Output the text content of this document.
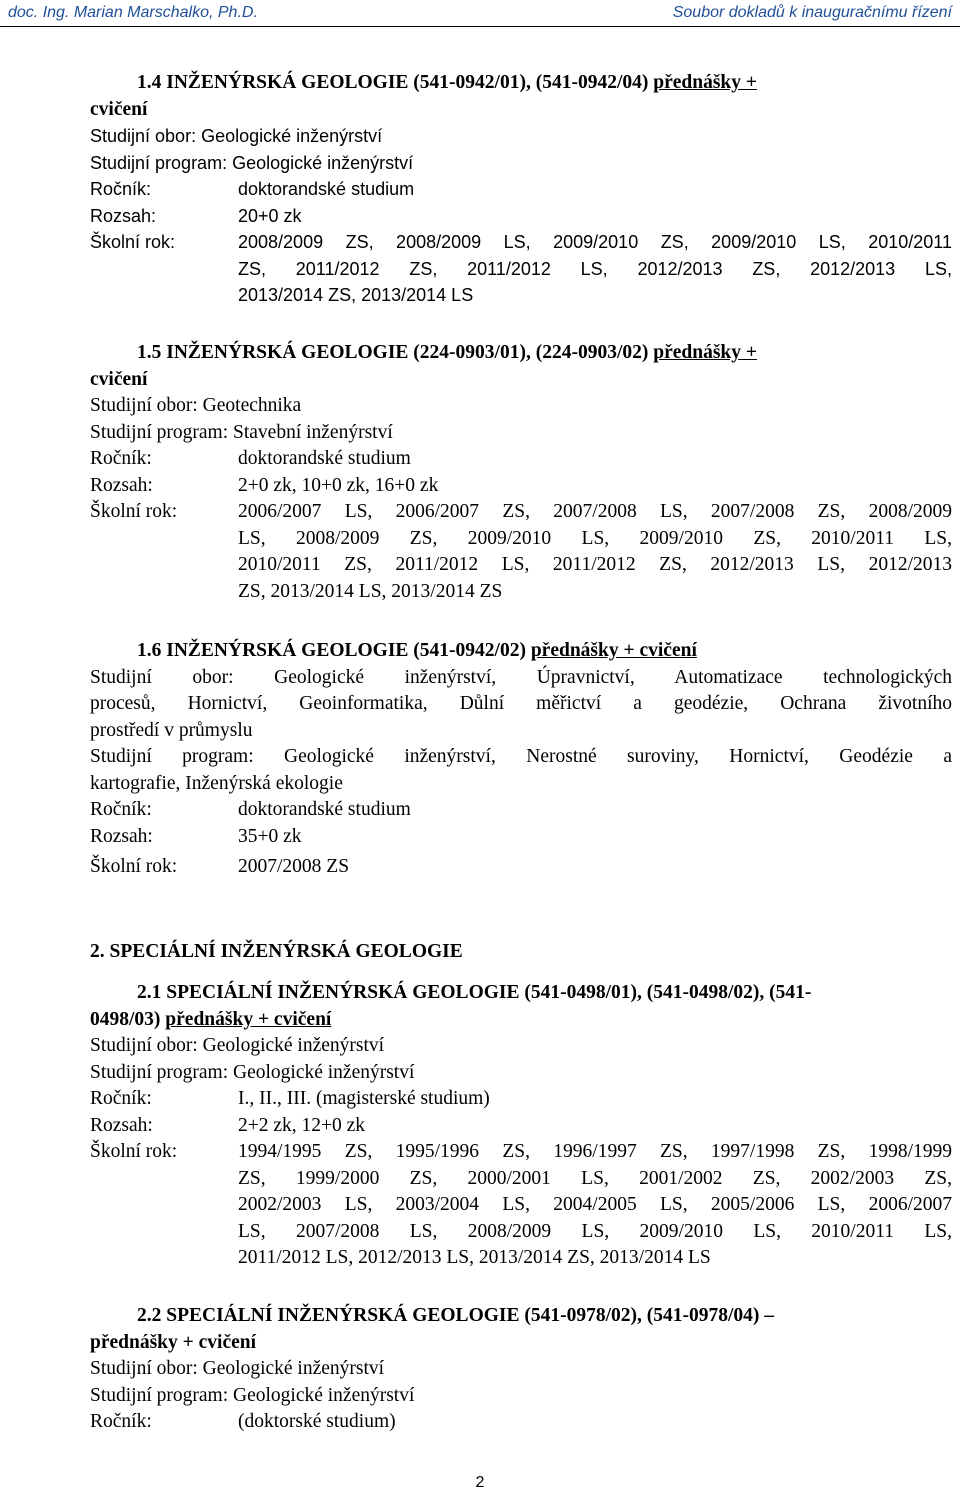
doc. Ing. Marian Marschalko, Ph.D.	Soubor dokladů k inauguračnímu řízení
1.4 INŽENÝRSKÁ GEOLOGIE (541-0942/01), (541-0942/04) přednášky +
cvičení
Studijní obor: Geologické inženýrství
Studijní program: Geologické inženýrství
Ročník:	doktorandské studium
Rozsah:	20+0 zk
Školní rok:	2008/2009 ZS, 2008/2009 LS, 2009/2010 ZS, 2009/2010 LS, 2010/2011
ZS, 2011/2012 ZS, 2011/2012 LS, 2012/2013 ZS, 2012/2013 LS,
2013/2014 ZS, 2013/2014 LS
1.5 INŽENÝRSKÁ GEOLOGIE (224-0903/01), (224-0903/02) přednášky +
cvičení
Studijní obor: Geotechnika
Studijní program: Stavební inženýrství
Ročník:	doktorandské studium
Rozsah:	2+0 zk, 10+0 zk, 16+0 zk
Školní rok:	2006/2007 LS, 2006/2007 ZS, 2007/2008 LS, 2007/2008 ZS, 2008/2009
LS, 2008/2009 ZS, 2009/2010 LS, 2009/2010 ZS, 2010/2011 LS,
2010/2011 ZS, 2011/2012 LS, 2011/2012 ZS, 2012/2013 LS, 2012/2013
ZS, 2013/2014 LS, 2013/2014 ZS
1.6 INŽENÝRSKÁ GEOLOGIE (541-0942/02) přednášky + cvičení
Studijní obor: Geologické inženýrství, Úpravnictví, Automatizace technologických
procesů, Hornictví, Geoinformatika, Důlní měřictví a geodézie, Ochrana životního
prostředí v průmyslu
Studijní program: Geologické inženýrství, Nerostné suroviny, Hornictví, Geodézie a
kartografie, Inženýrská ekologie
Ročník:	doktorandské studium
Rozsah:	35+0 zk
Školní rok:	2007/2008 ZS
2. SPECIÁLNÍ INŽENÝRSKÁ GEOLOGIE
2.1 SPECIÁLNÍ INŽENÝRSKÁ GEOLOGIE (541-0498/01), (541-0498/02), (541-
0498/03) přednášky + cvičení
Studijní obor: Geologické inženýrství
Studijní program: Geologické inženýrství
Ročník:	I., II., III. (magisterské studium)
Rozsah:	2+2 zk, 12+0 zk
Školní rok:	1994/1995 ZS, 1995/1996 ZS, 1996/1997 ZS, 1997/1998 ZS, 1998/1999
ZS, 1999/2000 ZS, 2000/2001 LS, 2001/2002 ZS, 2002/2003 ZS,
2002/2003 LS, 2003/2004 LS, 2004/2005 LS, 2005/2006 LS, 2006/2007
LS, 2007/2008 LS, 2008/2009 LS, 2009/2010 LS, 2010/2011 LS,
2011/2012 LS, 2012/2013 LS, 2013/2014 ZS, 2013/2014 LS
2.2 SPECIÁLNÍ INŽENÝRSKÁ GEOLOGIE (541-0978/02), (541-0978/04) –
přednášky + cvičení
Studijní obor: Geologické inženýrství
Studijní program: Geologické inženýrství
Ročník:	(doktorské studium)
2
